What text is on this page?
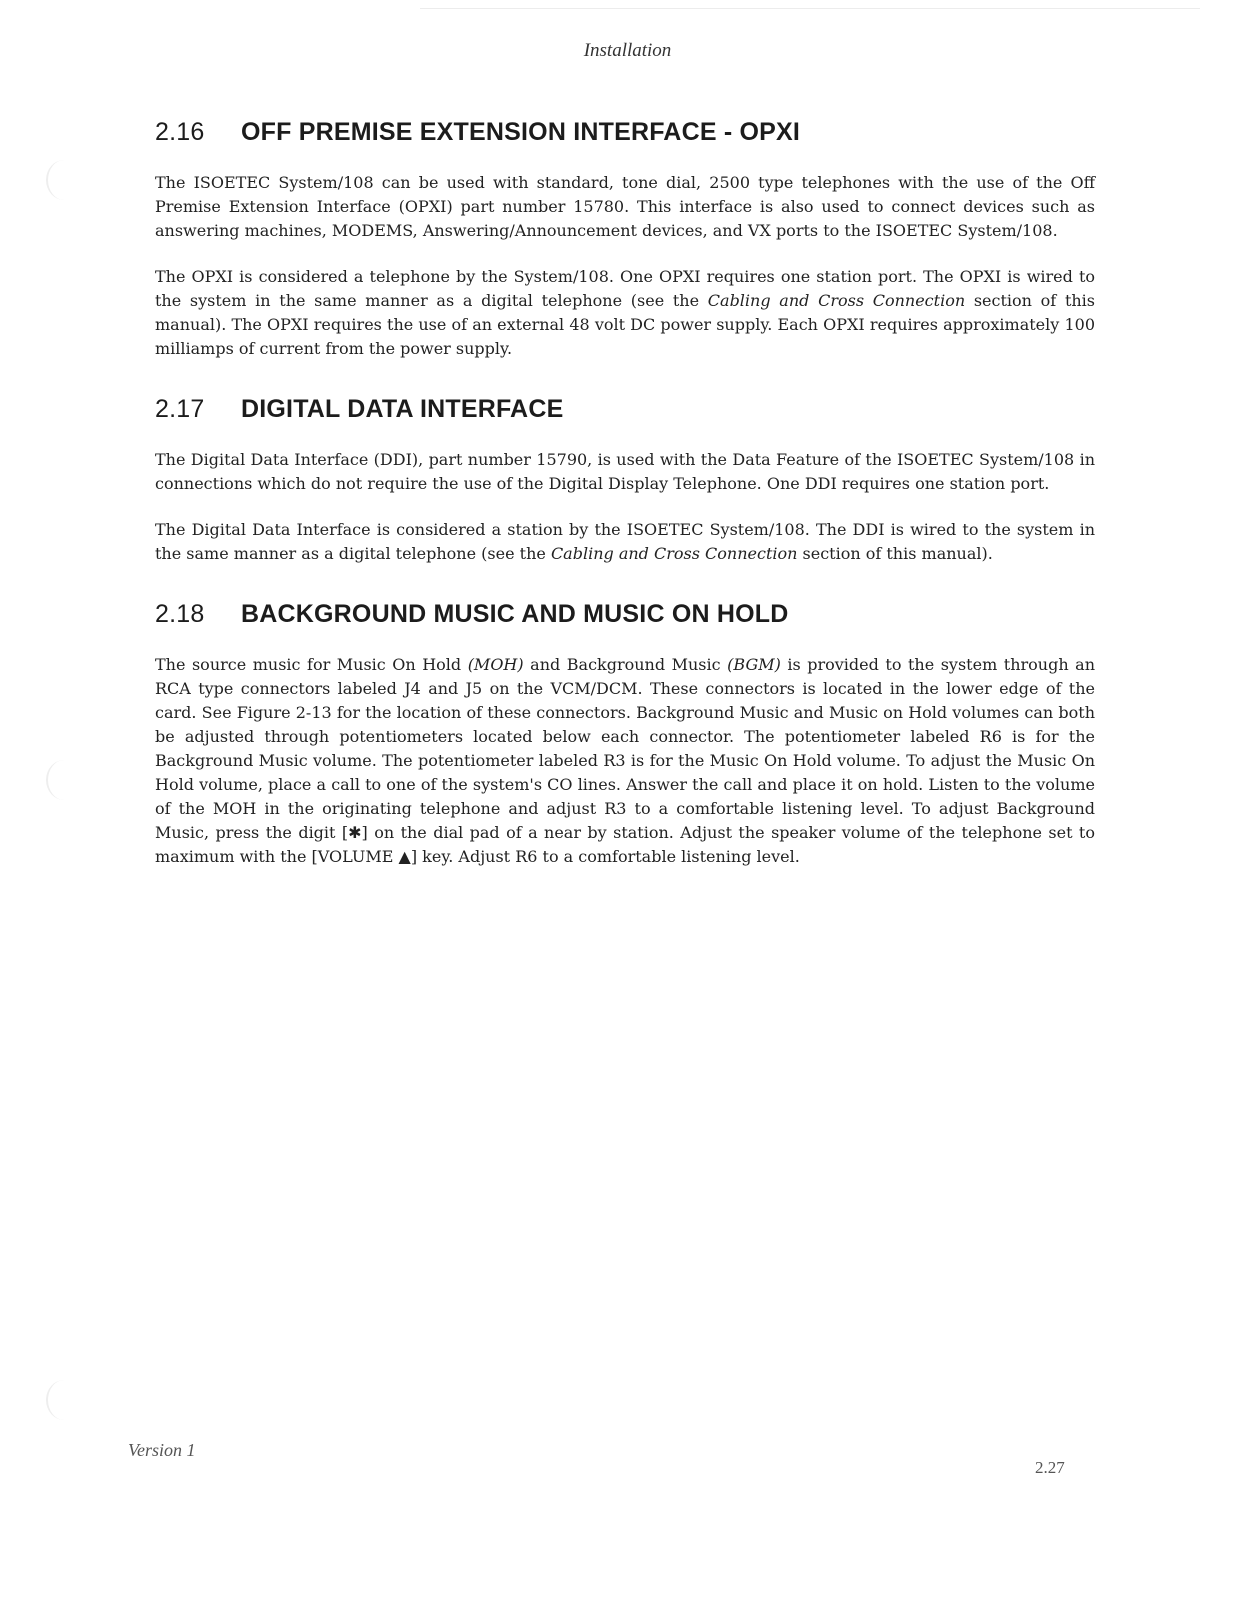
Installation
2.16 OFF PREMISE EXTENSION INTERFACE - OPXI

The ISOETEC System/108 can be used with standard, tone dial, 2500 type telephones with the use of the Off Premise Extension Interface (OPXI) part number 15780. This interface is also used to connect devices such as answering machines, MODEMS, Answering/Announcement devices, and VX ports to the ISOETEC System/108.

The OPXI is considered a telephone by the System/108. One OPXI requires one station port. The OPXI is wired to the system in the same manner as a digital telephone (see the Cabling and Cross Connection section of this manual). The OPXI requires the use of an external 48 volt DC power supply. Each OPXI requires approximately 100 milliamps of current from the power supply.

2.17 DIGITAL DATA INTERFACE

The Digital Data Interface (DDI), part number 15790, is used with the Data Feature of the ISOETEC System/108 in connections which do not require the use of the Digital Display Telephone. One DDI requires one station port.

The Digital Data Interface is considered a station by the ISOETEC System/108. The DDI is wired to the system in the same manner as a digital telephone (see the Cabling and Cross Connection section of this manual).

2.18 BACKGROUND MUSIC AND MUSIC ON HOLD

The source music for Music On Hold (MOH) and Background Music (BGM) is provided to the system through an RCA type connectors labeled J4 and J5 on the VCM/DCM. These connectors is located in the lower edge of the card. See Figure 2-13 for the location of these connectors. Background Music and Music on Hold volumes can both be adjusted through potentiometers located below each connector. The potentiometer labeled R6 is for the Background Music volume. The potentiometer labeled R3 is for the Music On Hold volume. To adjust the Music On Hold volume, place a call to one of the system's CO lines. Answer the call and place it on hold. Listen to the volume of the MOH in the originating telephone and adjust R3 to a comfortable listening level. To adjust Background Music, press the digit [✱] on the dial pad of a near by station. Adjust the speaker volume of the telephone set to maximum with the [VOLUME ▲] key. Adjust R6 to a comfortable listening level.

Version 1
2.27
